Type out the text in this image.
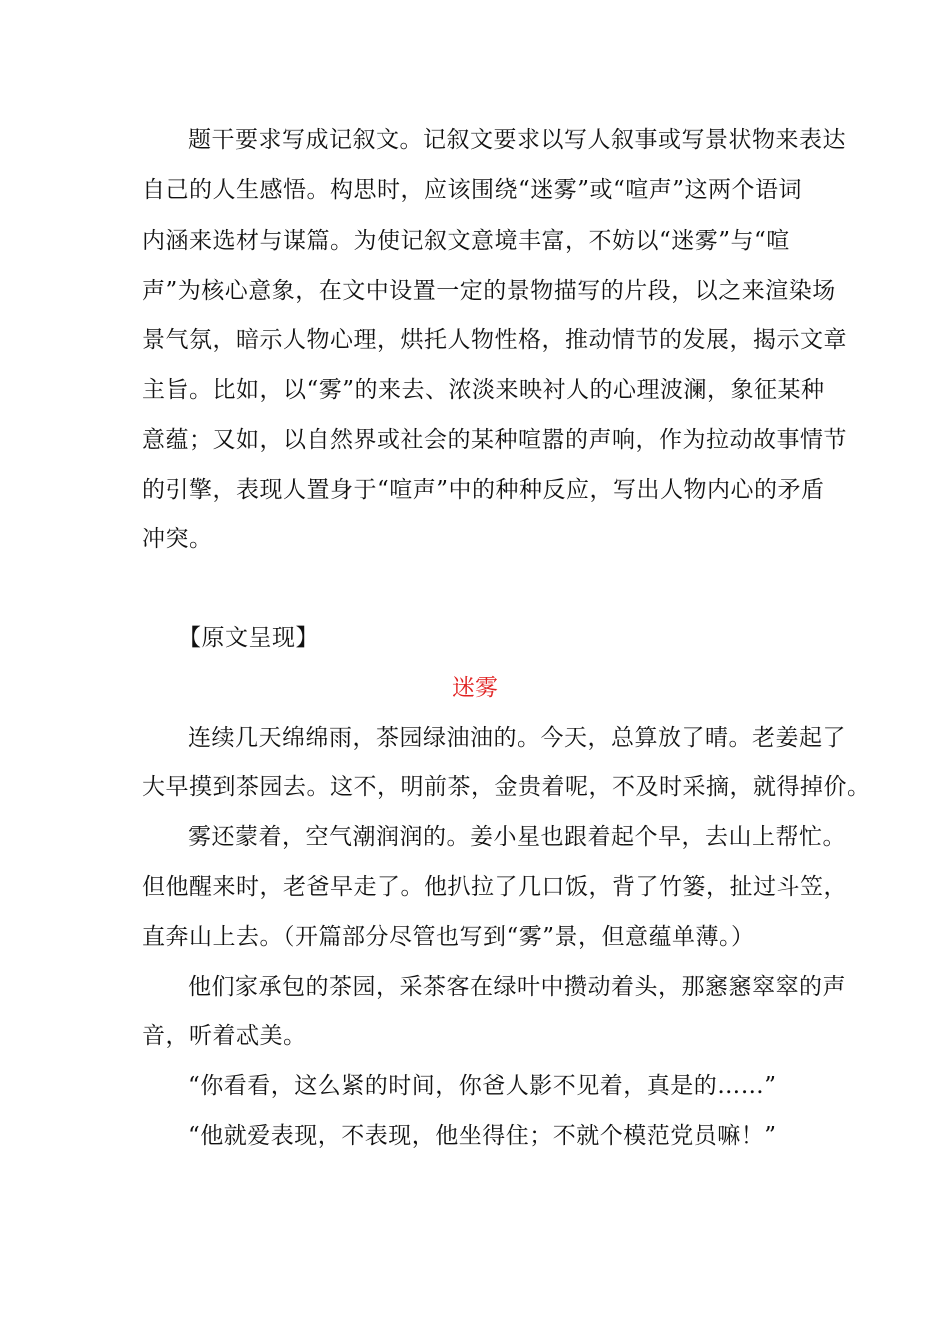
题干要求写成记叙文。记叙文要求以写人叙事或写景状物来表达
自己的人生感悟。构思时，应该围绕“迷雾”或“喧声”这两个语词
内涵来选材与谋篇。为使记叙文意境丰富，不妨以“迷雾”与“喧
声”为核心意象，在文中设置一定的景物描写的片段，以之来渲染场
景气氛，暗示人物心理，烘托人物性格，推动情节的发展，揭示文章
主旨。比如，以“雾”的来去、浓淡来映衬人的心理波澜，象征某种
意蕴；又如，以自然界或社会的某种喧嚣的声响，作为拉动故事情节
的引擎，表现人置身于“喧声”中的种种反应，写出人物内心的矛盾
冲突。
【原文呈现】
迷雾
连续几天绵绵雨，茶园绿油油的。今天，总算放了晴。老姜起了
大早摸到茶园去。这不，明前茶，金贵着呢，不及时采摘，就得掉价。
雾还蒙着，空气潮润润的。姜小星也跟着起个早，去山上帮忙。
但他醒来时，老爸早走了。他扒拉了几口饭，背了竹篓，扯过斗笠，
直奔山上去。（开篇部分尽管也写到“雾”景，但意蕴单薄。）
他们家承包的茶园，采茶客在绿叶中攒动着头，那窸窸窣窣的声
音，听着忒美。
“你看看，这么紧的时间，你爸人影不见着，真是的……”
“他就爱表现，不表现，他坐得住；不就个模范党员嘛！”
